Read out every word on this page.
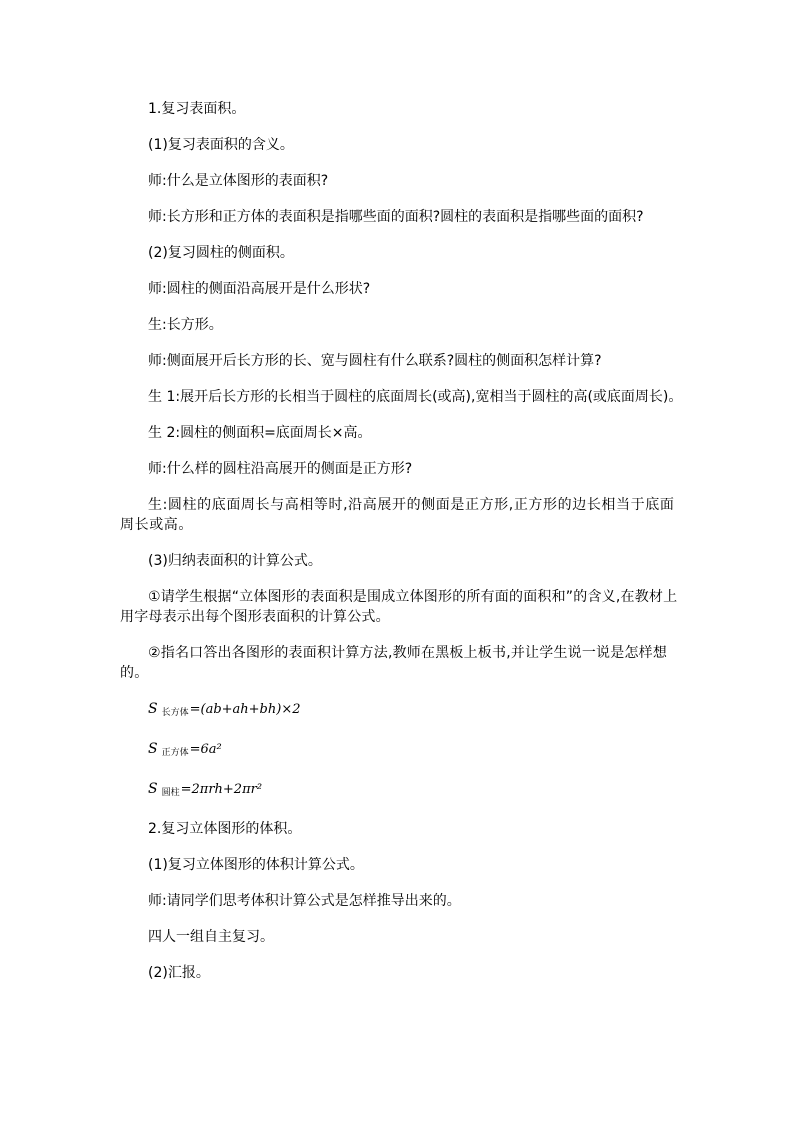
1.复习表面积。

(1)复习表面积的含义。

师:什么是立体图形的表面积?

师:长方形和正方体的表面积是指哪些面的面积?圆柱的表面积是指哪些面的面积?

(2)复习圆柱的侧面积。

师:圆柱的侧面沿高展开是什么形状?

生:长方形。

师:侧面展开后长方形的长、宽与圆柱有什么联系?圆柱的侧面积怎样计算?

生 1:展开后长方形的长相当于圆柱的底面周长(或高),宽相当于圆柱的高(或底面周长)。

生 2:圆柱的侧面积=底面周长×高。

师:什么样的圆柱沿高展开的侧面是正方形?

生:圆柱的底面周长与高相等时,沿高展开的侧面是正方形,正方形的边长相当于底面周长或高。

(3)归纳表面积的计算公式。

①请学生根据“立体图形的表面积是围成立体图形的所有面的面积和”的含义,在教材上用字母表示出每个图形表面积的计算公式。

②指名口答出各图形的表面积计算方法,教师在黑板上板书,并让学生说一说是怎样想的。

S $_{长方体}$=(ab+ah+bh)×2
S $_{正方体}$=6a²
S $_{圆柱}$=2πrh+2πr²

2.复习立体图形的体积。

(1)复习立体图形的体积计算公式。

师:请同学们思考体积计算公式是怎样推导出来的。

四人一组自主复习。

(2)汇报。
